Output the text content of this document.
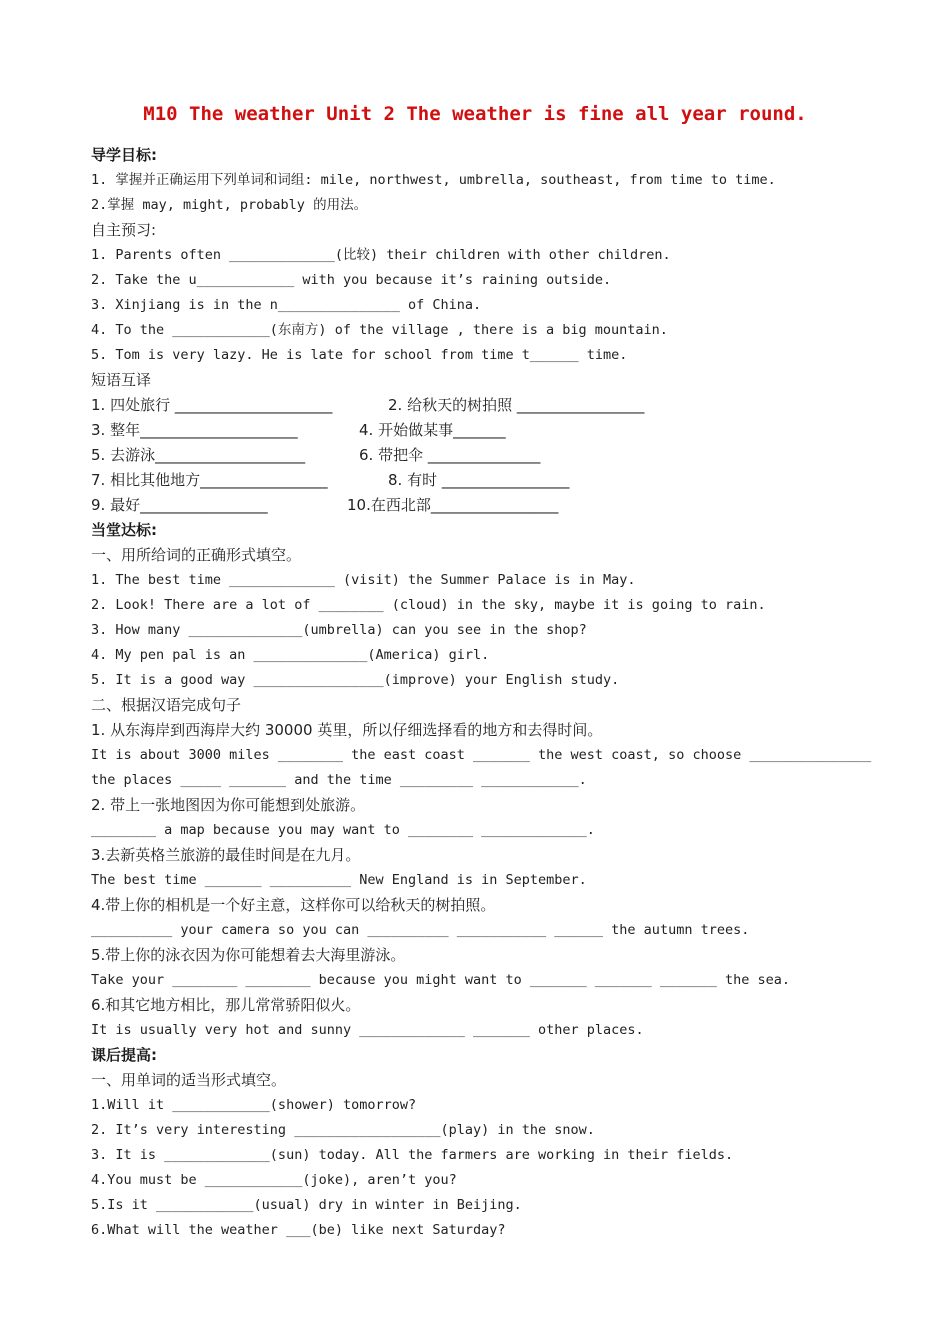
M10 The weather Unit 2 The weather is fine all year round.
导学目标:
1. 掌握并正确运用下列单词和词组: mile, northwest, umbrella, southeast, from time to time.
2.掌握 may, might, probably 的用法。
自主预习:
1. Parents often _____________(比较) their children with other children.
2. Take the u____________ with you because it’s raining outside.
3. Xinjiang is in the n_______________ of China.
4. To the ____________(东南方) of the village , there is a big mountain.
5. Tom is very lazy. He is late for school from time t______ time.
短语互译
1. 四处旅行 _____________________	2. 给秋天的树拍照 _________________
3. 整年_____________________	4. 开始做某事_______
5. 去游泳____________________	6. 带把伞 _______________
7. 相比其他地方_________________	8. 有时 _________________
9. 最好_________________	10.在西北部_________________
当堂达标:
一、用所给词的正确形式填空。
1. The best time _____________ (visit) the Summer Palace is in May.
2. Look! There are a lot of ________ (cloud) in the sky, maybe it is going to rain.
3. How many ______________(umbrella) can you see in the shop?
4. My pen pal is an ______________(America) girl.
5. It is a good way ________________(improve) your English study.
二、根据汉语完成句子
1. 从东海岸到西海岸大约 30000 英里，所以仔细选择看的地方和去得时间。
It is about 3000 miles ________ the east coast _______ the west coast, so choose _______________
the places _____ _______ and the time _________ ____________.
2. 带上一张地图因为你可能想到处旅游。
________ a map because you may want to ________ _____________.
3.去新英格兰旅游的最佳时间是在九月。
The best time _______ __________ New England is in September.
4.带上你的相机是一个好主意，这样你可以给秋天的树拍照。
__________ your camera so you can __________ ___________ ______ the autumn trees.
5.带上你的泳衣因为你可能想着去大海里游泳。
Take your ________ ________ because you might want to _______ _______ _______ the sea.
6.和其它地方相比，那儿常常骄阳似火。
It is usually very hot and sunny _____________ _______ other places.
课后提高:
一、用单词的适当形式填空。
1.Will it ____________(shower) tomorrow?
2. It’s very interesting __________________(play) in the snow.
3. It is _____________(sun) today. All the farmers are working in their fields.
4.You must be ____________(joke), aren’t you?
5.Is it ____________(usual) dry in winter in Beijing.
6.What will the weather ___(be) like next Saturday?
